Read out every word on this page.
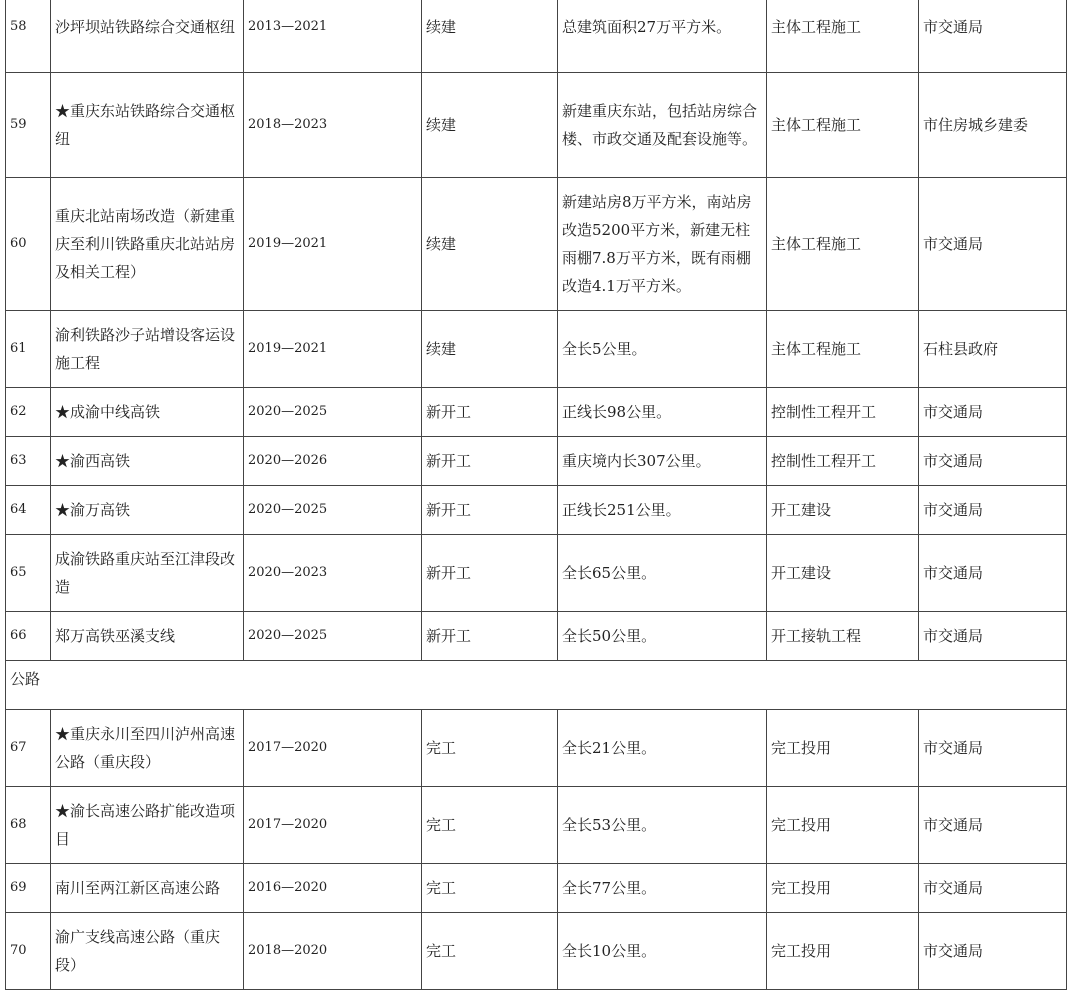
58	沙坪坝站铁路综合交通枢纽	2013—2021	续建	总建筑面积27万平方米。	主体工程施工	市交通局
59	★重庆东站铁路综合交通枢纽	2018—2023	续建	新建重庆东站，包括站房综合楼、市政交通及配套设施等。	主体工程施工	市住房城乡建委
60	重庆北站南场改造（新建重庆至利川铁路重庆北站站房及相关工程）	2019—2021	续建	新建站房8万平方米，南站房改造5200平方米，新建无柱雨棚7.8万平方米，既有雨棚改造4.1万平方米。	主体工程施工	市交通局
61	渝利铁路沙子站增设客运设施工程	2019—2021	续建	全长5公里。	主体工程施工	石柱县政府
62	★成渝中线高铁	2020—2025	新开工	正线长98公里。	控制性工程开工	市交通局
63	★渝西高铁	2020—2026	新开工	重庆境内长307公里。	控制性工程开工	市交通局
64	★渝万高铁	2020—2025	新开工	正线长251公里。	开工建设	市交通局
65	成渝铁路重庆站至江津段改造	2020—2023	新开工	全长65公里。	开工建设	市交通局
66	郑万高铁巫溪支线	2020—2025	新开工	全长50公里。	开工接轨工程	市交通局
公路						
67	★重庆永川至四川泸州高速公路（重庆段）	2017—2020	完工	全长21公里。	完工投用	市交通局
68	★渝长高速公路扩能改造项目	2017—2020	完工	全长53公里。	完工投用	市交通局
69	南川至两江新区高速公路	2016—2020	完工	全长77公里。	完工投用	市交通局
70	渝广支线高速公路（重庆段）	2018—2020	完工	全长10公里。	完工投用	市交通局
